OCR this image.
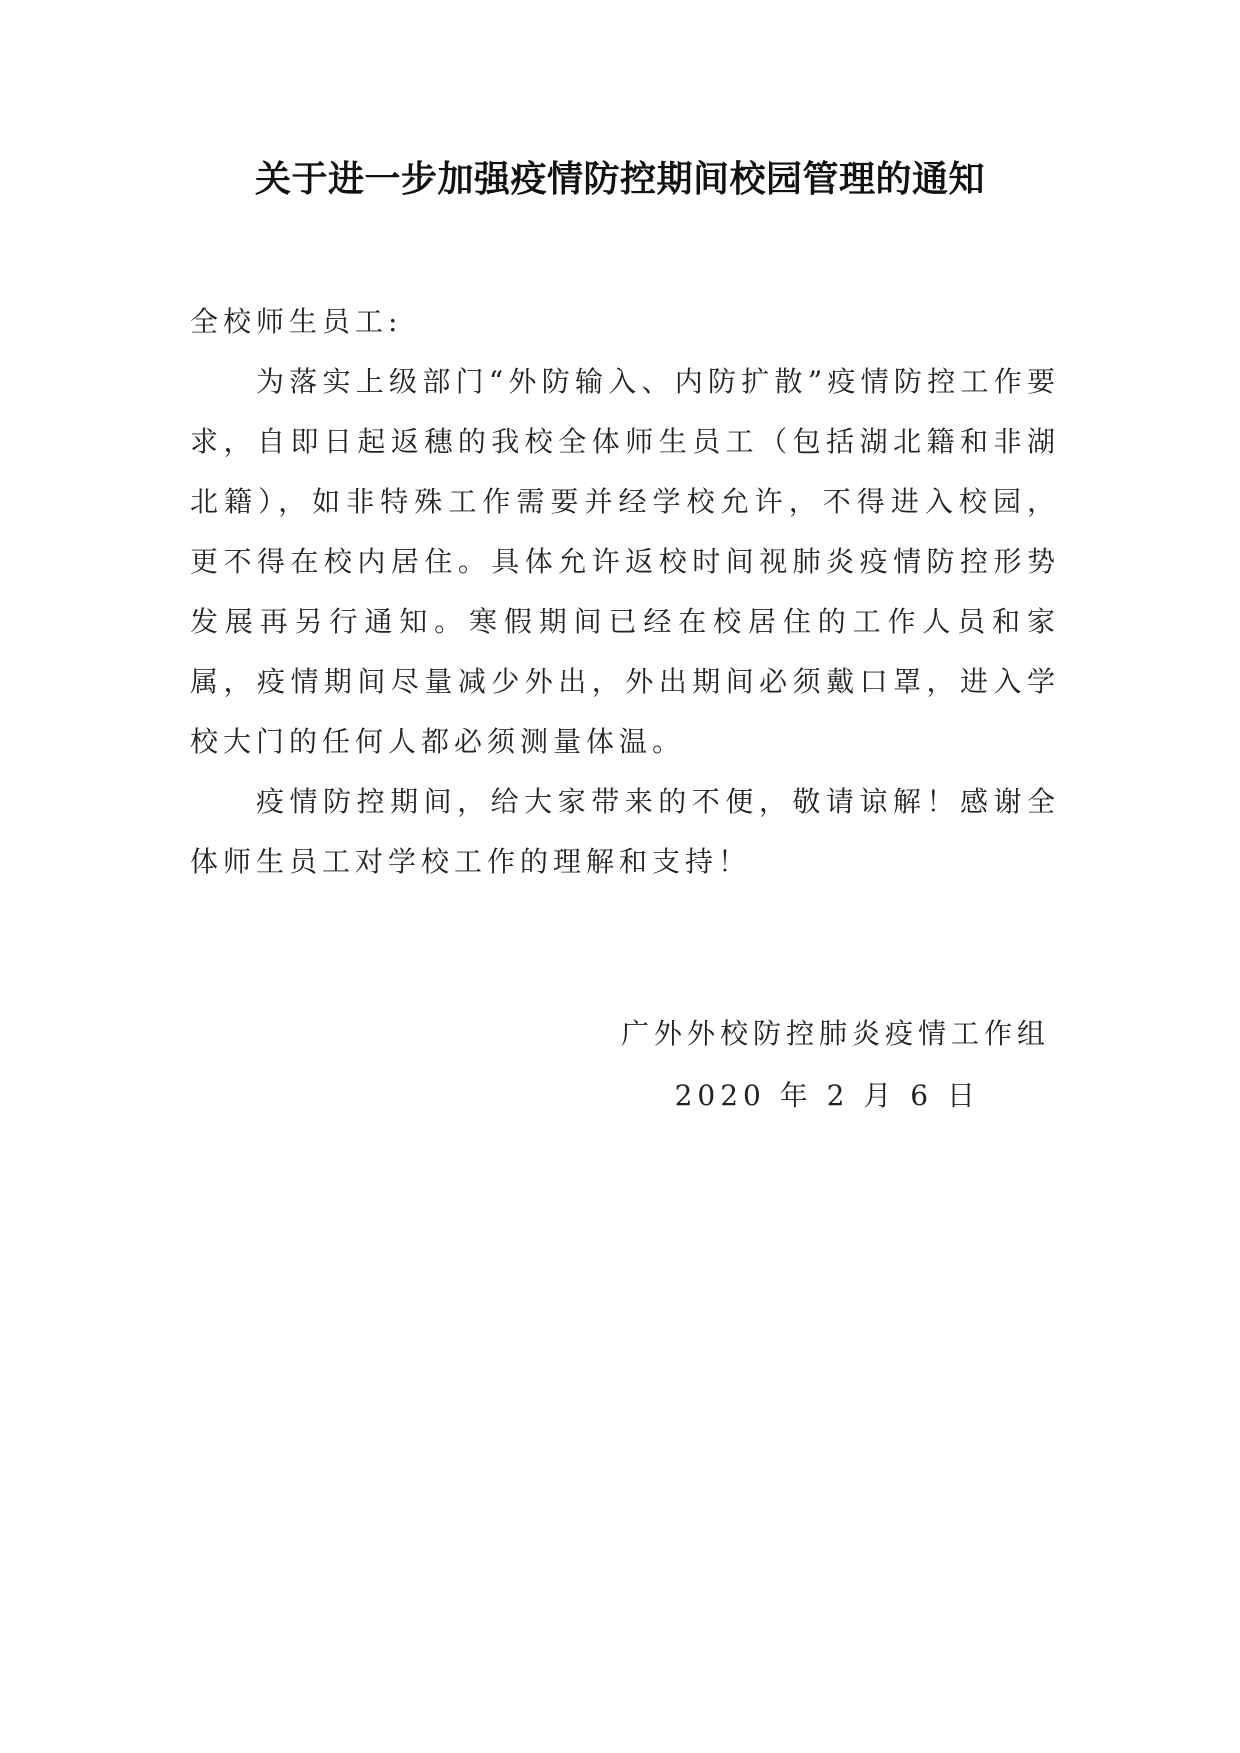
关于进一步加强疫情防控期间校园管理的通知

全校师生员工:

为落实上级部门“外防输入、内防扩散”疫情防控工作要求，自即日起返穗的我校全体师生员工（包括湖北籍和非湖北籍），如非特殊工作需要并经学校允许，不得进入校园，更不得在校内居住。具体允许返校时间视肺炎疫情防控形势发展再另行通知。寒假期间已经在校居住的工作人员和家属，疫情期间尽量减少外出，外出期间必须戴口罩，进入学校大门的任何人都必须测量体温。

疫情防控期间，给大家带来的不便，敬请谅解！感谢全体师生员工对学校工作的理解和支持！

广外外校防控肺炎疫情工作组

2020 年 2 月 6 日
